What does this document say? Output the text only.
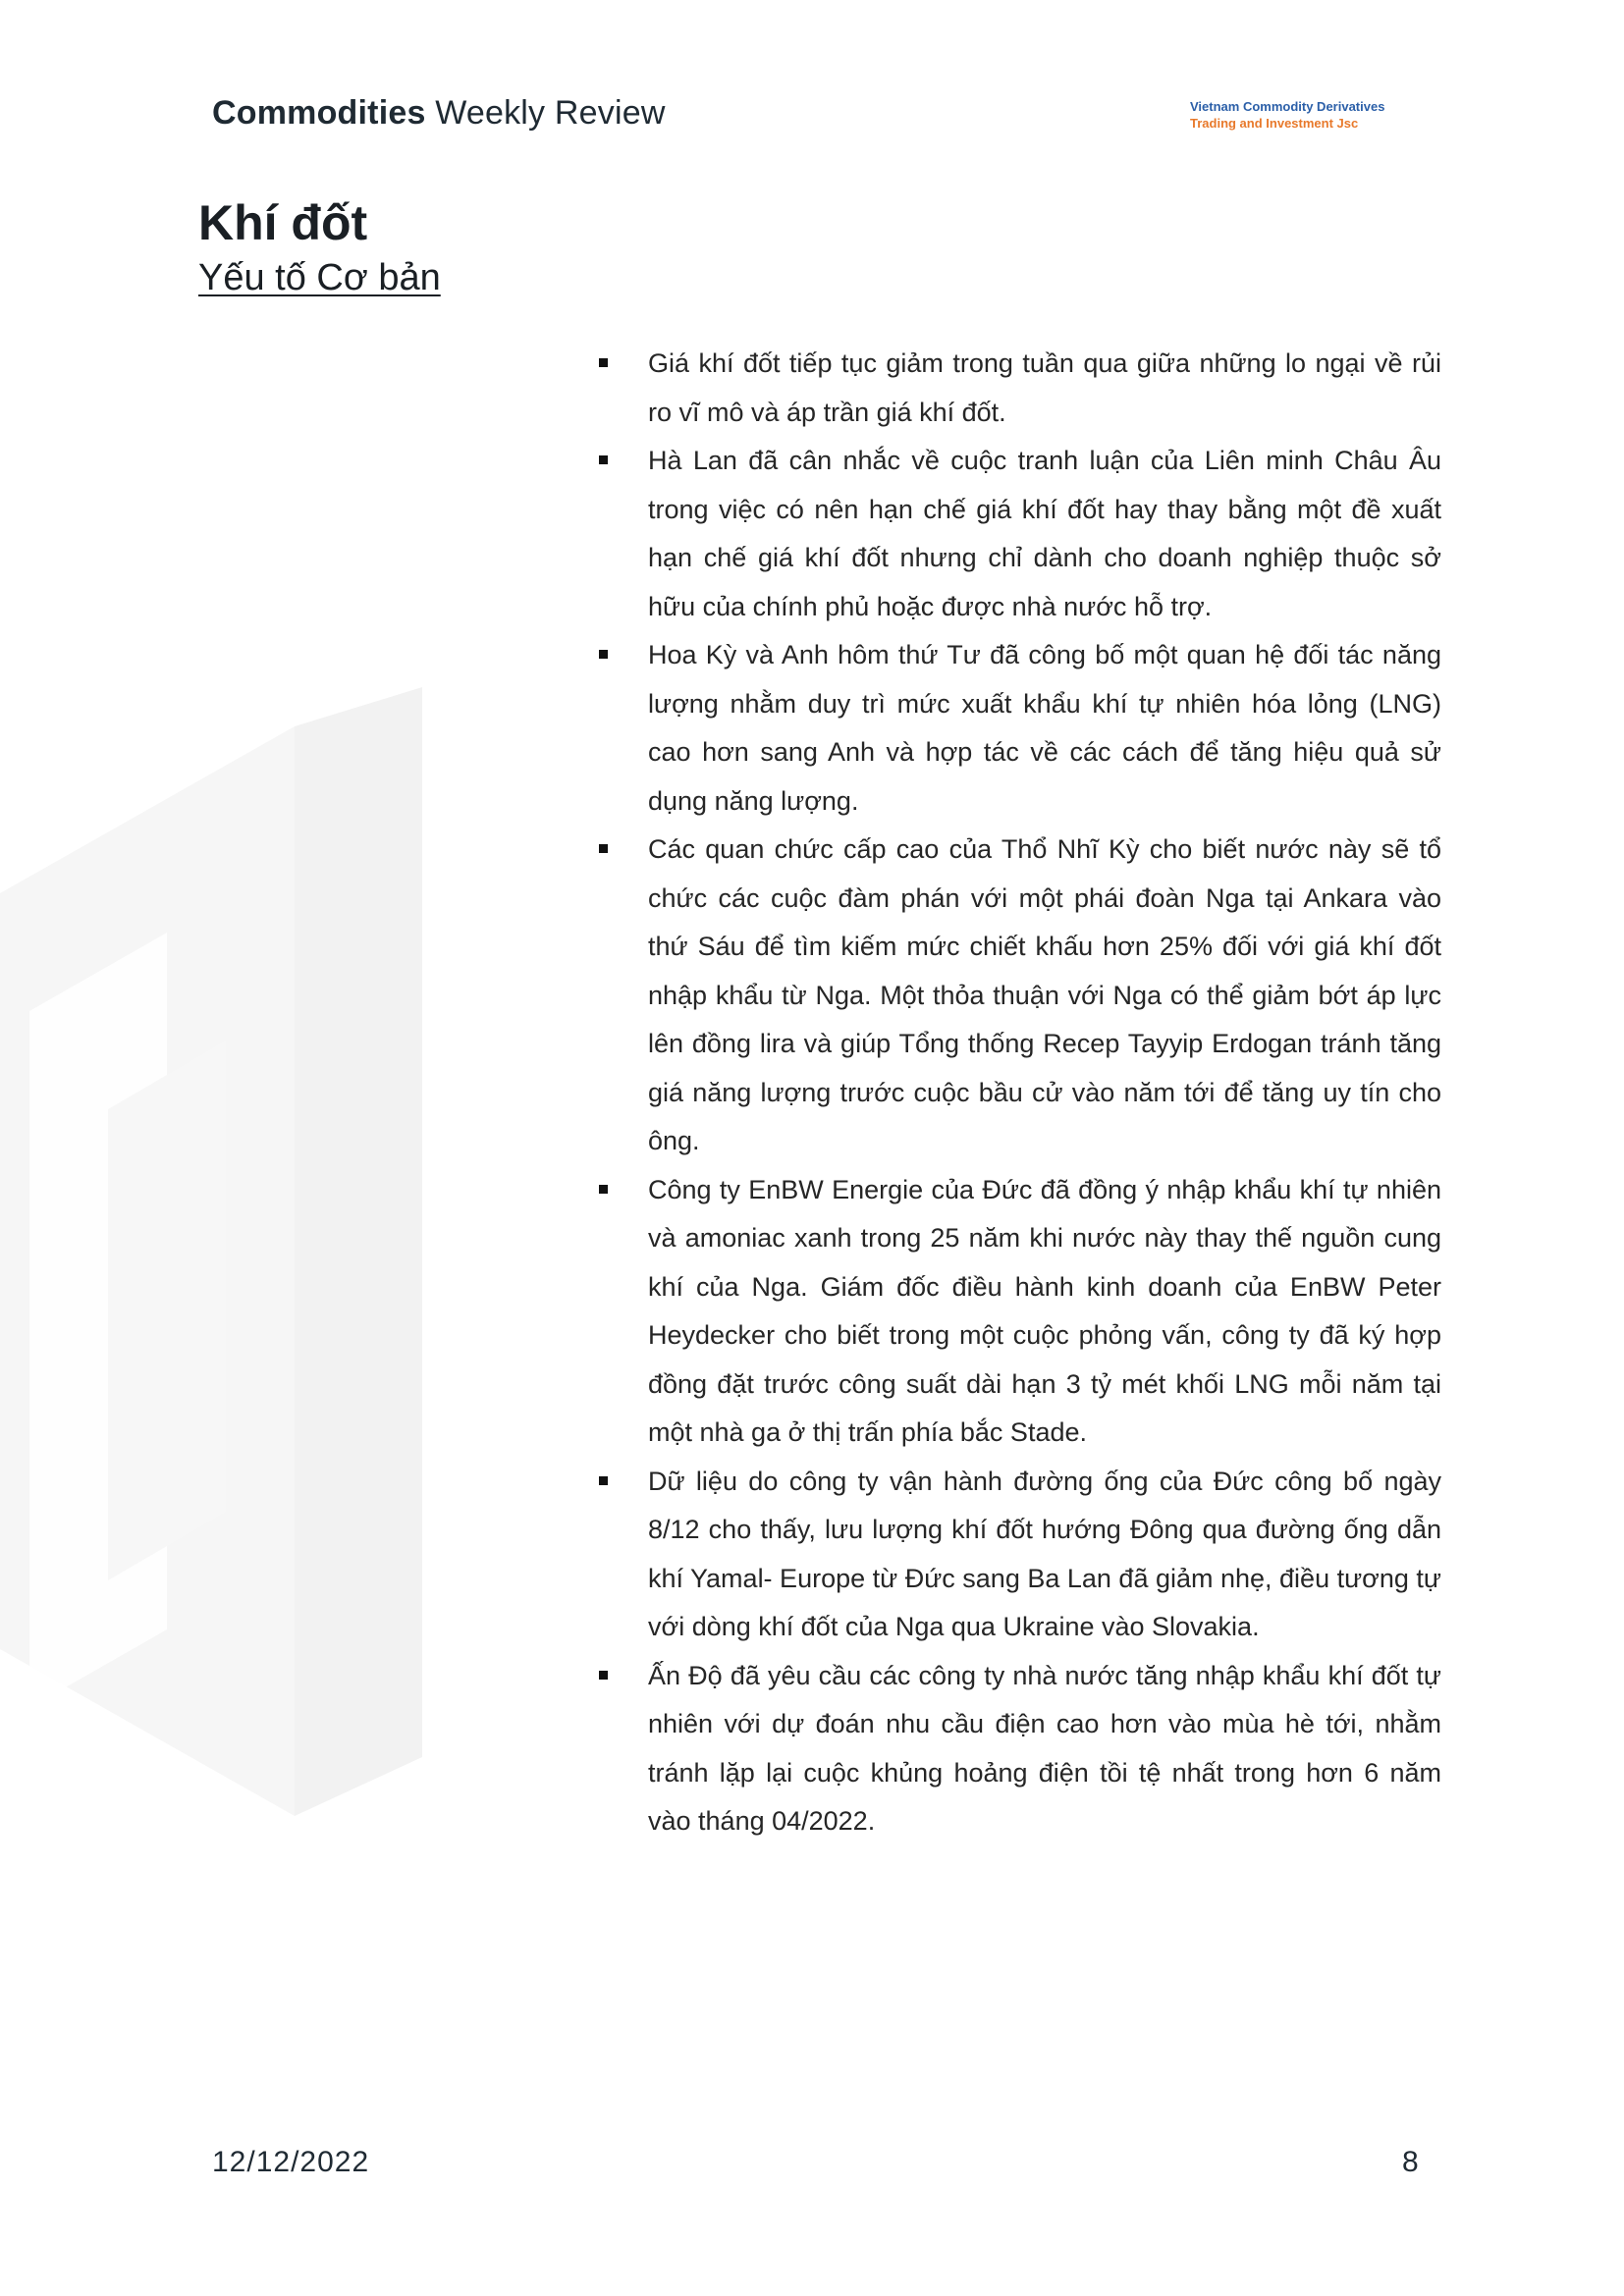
Commodities Weekly Review	Vietnam Commodity Derivatives
Trading and Investment Jsc
Khí đốt
Yếu tố Cơ bản
Giá khí đốt tiếp tục giảm trong tuần qua giữa những lo ngại về rủi ro vĩ mô và áp trần giá khí đốt.
Hà Lan đã cân nhắc về cuộc tranh luận của Liên minh Châu Âu trong việc có nên hạn chế giá khí đốt hay thay bằng một đề xuất hạn chế giá khí đốt nhưng chỉ dành cho doanh nghiệp thuộc sở hữu của chính phủ hoặc được nhà nước hỗ trợ.
Hoa Kỳ và Anh hôm thứ Tư đã công bố một quan hệ đối tác năng lượng nhằm duy trì mức xuất khẩu khí tự nhiên hóa lỏng (LNG) cao hơn sang Anh và hợp tác về các cách để tăng hiệu quả sử dụng năng lượng.
Các quan chức cấp cao của Thổ Nhĩ Kỳ cho biết nước này sẽ tổ chức các cuộc đàm phán với một phái đoàn Nga tại Ankara vào thứ Sáu để tìm kiếm mức chiết khấu hơn 25% đối với giá khí đốt nhập khẩu từ Nga. Một thỏa thuận với Nga có thể giảm bớt áp lực lên đồng lira và giúp Tổng thống Recep Tayyip Erdogan tránh tăng giá năng lượng trước cuộc bầu cử vào năm tới để tăng uy tín cho ông.
Công ty EnBW Energie của Đức đã đồng ý nhập khẩu khí tự nhiên và amoniac xanh trong 25 năm khi nước này thay thế nguồn cung khí của Nga. Giám đốc điều hành kinh doanh của EnBW Peter Heydecker cho biết trong một cuộc phỏng vấn, công ty đã ký hợp đồng đặt trước công suất dài hạn 3 tỷ mét khối LNG mỗi năm tại một nhà ga ở thị trấn phía bắc Stade.
Dữ liệu do công ty vận hành đường ống của Đức công bố ngày 8/12 cho thấy, lưu lượng khí đốt hướng Đông qua đường ống dẫn khí Yamal- Europe từ Đức sang Ba Lan đã giảm nhẹ, điều tương tự với dòng khí đốt của Nga qua Ukraine vào Slovakia.
Ấn Độ đã yêu cầu các công ty nhà nước tăng nhập khẩu khí đốt tự nhiên với dự đoán nhu cầu điện cao hơn vào mùa hè tới, nhằm tránh lặp lại cuộc khủng hoảng điện tồi tệ nhất trong hơn 6 năm vào tháng 04/2022.
12/12/2022	8
